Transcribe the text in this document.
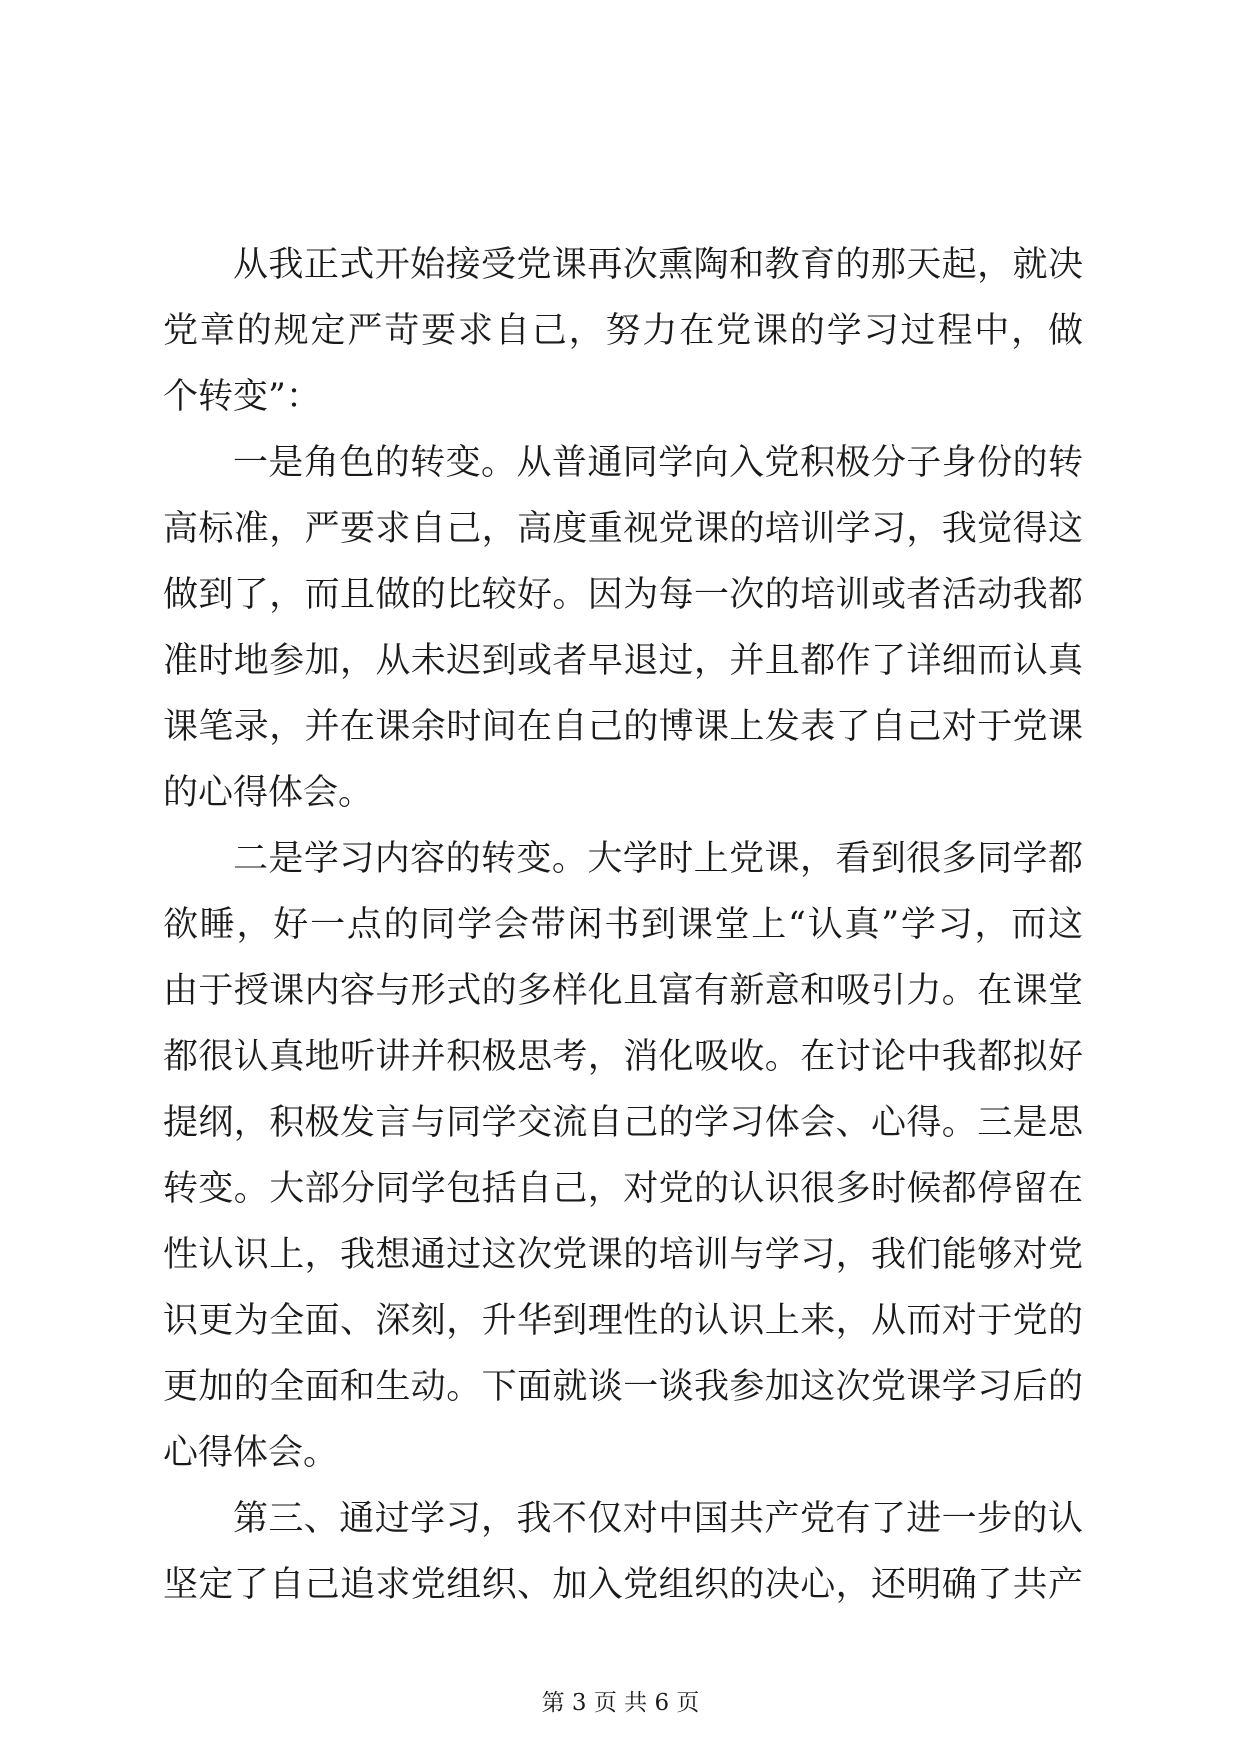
从我正式开始接受党课再次熏陶和教育的那天起，就决
党章的规定严苛要求自己，努力在党课的学习过程中，做
个转变”：
一是角色的转变。从普通同学向入党积极分子身份的转
高标准，严要求自己，高度重视党课的培训学习，我觉得这
做到了，而且做的比较好。因为每一次的培训或者活动我都
准时地参加，从未迟到或者早退过，并且都作了详细而认真
课笔录，并在课余时间在自己的博课上发表了自己对于党课
的心得体会。
二是学习内容的转变。大学时上党课，看到很多同学都
欲睡，好一点的同学会带闲书到课堂上“认真”学习，而这
由于授课内容与形式的多样化且富有新意和吸引力。在课堂
都很认真地听讲并积极思考，消化吸收。在讨论中我都拟好
提纲，积极发言与同学交流自己的学习体会、心得。三是思
转变。大部分同学包括自己，对党的认识很多时候都停留在
性认识上，我想通过这次党课的培训与学习，我们能够对党
识更为全面、深刻，升华到理性的认识上来，从而对于党的
更加的全面和生动。下面就谈一谈我参加这次党课学习后的
心得体会。
第三、通过学习，我不仅对中国共产党有了进一步的认
坚定了自己追求党组织、加入党组织的决心，还明确了共产
第 3 页 共 6 页
